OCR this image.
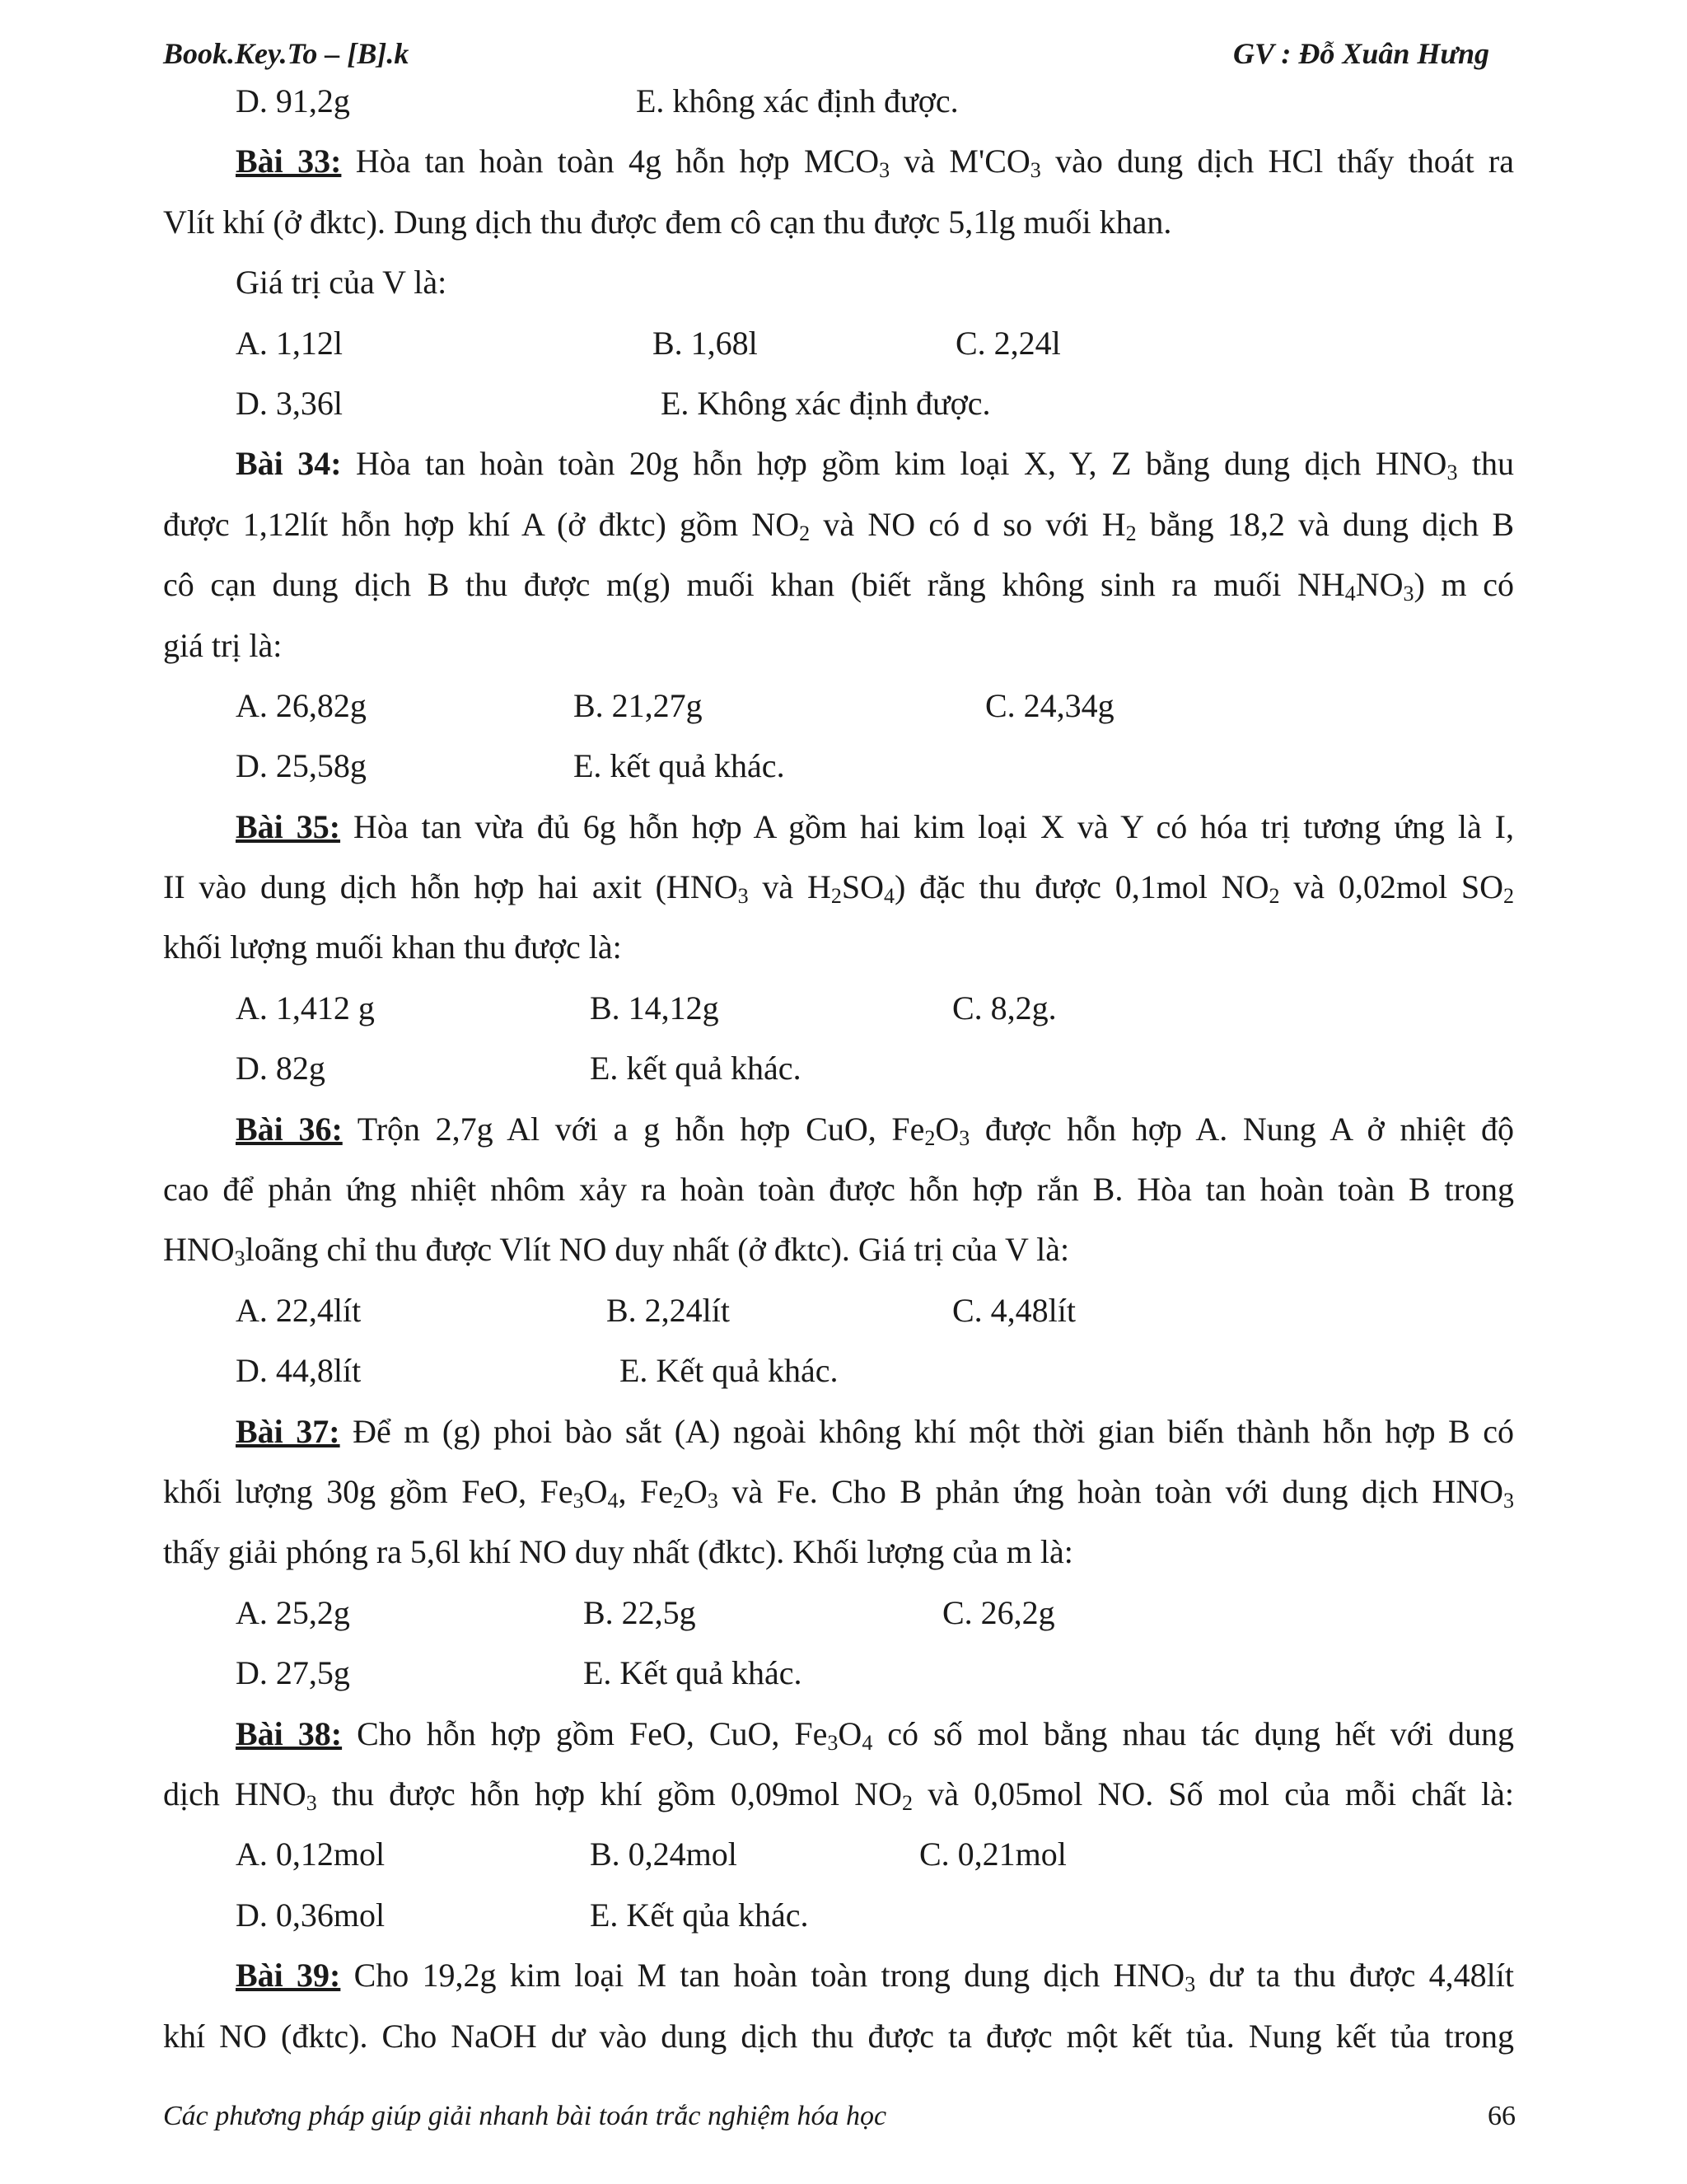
Book.Key.To – [B].k	GV : Đỗ Xuân Hưng
D. 91,2g	E. không xác định được.
Bài 33: Hòa tan hoàn toàn 4g hỗn hợp $MCO_3$ và $M'CO_3$ vào dung dịch HCl thấy thoát ra
Vlít khí (ở đktc). Dung dịch thu được đem cô cạn thu được 5,1lg muối khan.
Giá trị của V là:
A. 1,12l	B. 1,68l	C. 2,24l
D. 3,36l	E. Không xác định được.
Bài 34: Hòa tan hoàn toàn 20g hỗn hợp gồm kim loại X, Y, Z bằng dung dịch $HNO_3$ thu
được 1,12lít hỗn hợp khí A (ở đktc) gồm $NO_2$ và NO có d so với $H_2$ bằng 18,2 và dung dịch B
cô cạn dung dịch B thu được m(g) muối khan (biết rằng không sinh ra muối $NH_4NO_3$) m có
giá trị là:
A. 26,82g	B. 21,27g	C. 24,34g
D. 25,58g	E. kết quả khác.
Bài 35: Hòa tan vừa đủ 6g hỗn hợp A gồm hai kim loại X và Y có hóa trị tương ứng là I,
II vào dung dịch hỗn hợp hai axit ($HNO_3$ và $H_2SO_4$) đặc thu được 0,1mol $NO_2$ và 0,02mol $SO_2$
khối lượng muối khan thu được là:
A. 1,412 g	B. 14,12g	C. 8,2g.
D. 82g	E. kết quả khác.
Bài 36: Trộn 2,7g Al với a g hỗn hợp CuO, $Fe_2O_3$ được hỗn hợp A. Nung A ở nhiệt độ
cao để phản ứng nhiệt nhôm xảy ra hoàn toàn được hỗn hợp rắn B. Hòa tan hoàn toàn B trong
$HNO_3loãng$ chỉ thu được Vlít NO duy nhất (ở đktc). Giá trị của V là:
A. 22,4lít	B. 2,24lít	C. 4,48lít
D. 44,8lít	E. Kết quả khác.
Bài 37: Để m (g) phoi bào sắt (A) ngoài không khí một thời gian biến thành hỗn hợp B có
khối lượng 30g gồm FeO, $Fe_3O_4$, $Fe_2O_3$ và Fe. Cho B phản ứng hoàn toàn với dung dịch $HNO_3$
thấy giải phóng ra 5,6l khí NO duy nhất (đktc). Khối lượng của m là:
A. 25,2g	B. 22,5g	C. 26,2g
D. 27,5g	E. Kết quả khác.
Bài 38: Cho hỗn hợp gồm FeO, CuO, $Fe_3O_4$ có số mol bằng nhau tác dụng hết với dung
dịch $HNO_3$ thu được hỗn hợp khí gồm 0,09mol $NO_2$ và 0,05mol NO. Số mol của mỗi chất là:
A. 0,12mol	B. 0,24mol	C. 0,21mol
D. 0,36mol	E. Kết qủa khác.
Bài 39: Cho 19,2g kim loại M tan hoàn toàn trong dung dịch $HNO_3$ dư ta thu được 4,48lít
khí NO (đktc). Cho NaOH dư vào dung dịch thu được ta được một kết tủa. Nung kết tủa trong
Các phương pháp giúp giải nhanh bài toán trắc nghiệm hóa học	66
